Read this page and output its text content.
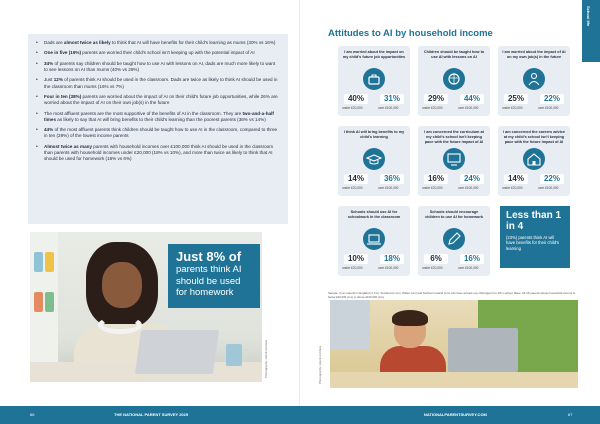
• Dads are almost twice as likely to think that AI will have benefits for their child's learning as mums (30% vs 16%)
• One in five (19%) parents are worried their child's school isn't keeping up with the potential impact of AI
• 34% of parents say children should be taught how to use AI with lessons on AI, dads are much more likely to want to see lessons on AI than mums (40% vs 29%)
• Just 12% of parents think AI should be used in the classroom. Dads are twice as likely to think AI should be used in the classroom than mums (16% vs 7%)
• Four in ten (38%) parents are worried about the impact of AI on their child's future job opportunities, while 26% are worried about the impact of AI on their own job(s) in the future
• The most affluent parents are the most supportive of the benefits of AI in the classroom. They are two-and-a-half times as likely to say that AI will bring benefits to their child's learning than the poorest parents (36% vs 14%)
• 44% of the most affluent parents think children should be taught how to use AI in the classroom, compared to three in ten (29%) of the lowest income parents
• Almost twice as many parents with household incomes over £100,000 think AI should be used in the classroom than parents with household incomes under £20,000 (18% vs 10%), and more than twice as likely to think that AI should be used for homework (16% vs 6%)
Just 8% of
parents think AI should be used for homework
Photography: istock.com/xxx
School life
Attitudes to AI by household income
I am worried about the impact on my child's future job opportunities
40%	31%
under £20,000	over £100,000
Children should be taught how to use AI with lessons on AI
29%	44%
under £20,000	over £100,000
I am worried about the impact of AI on my own job(s) in the future
25%	22%
under £20,000	over £100,000
I think AI will bring benefits to my child's learning
14%	36%
under £20,000	over £100,000
I am concerned the curriculum at my child's school isn't keeping pace with the future impact of AI
16%	24%
under £20,000	over £100,000
I am concerned the careers advice at my child's school isn't keeping pace with the future impact of AI
14%	22%
under £20,000	over £100,000
Schools should use AI for schoolwork in the classroom
10%	18%
under £20,000	over £100,000
Schools should encourage children to use AI for homework
6%	16%
under £20,000	over £100,000
Less than 1 in 4
(23%) parents think AI will have benefits for their child's learning
Sample: 3,xxx parents in England (1,7xx), Scotland (1,xxx), Wales (xxx) and Northern Ireland (xxx) who have at least one child aged 4 to 18 in school. Base: All UK parents whose household income is below £20,000 (xxx) or above £100,000 (xxx)
Photography: istock.com/xxx
66	THE NATIONAL PARENT SURVEY 2025	NATIONALPARENTSURVEY.COM	67
